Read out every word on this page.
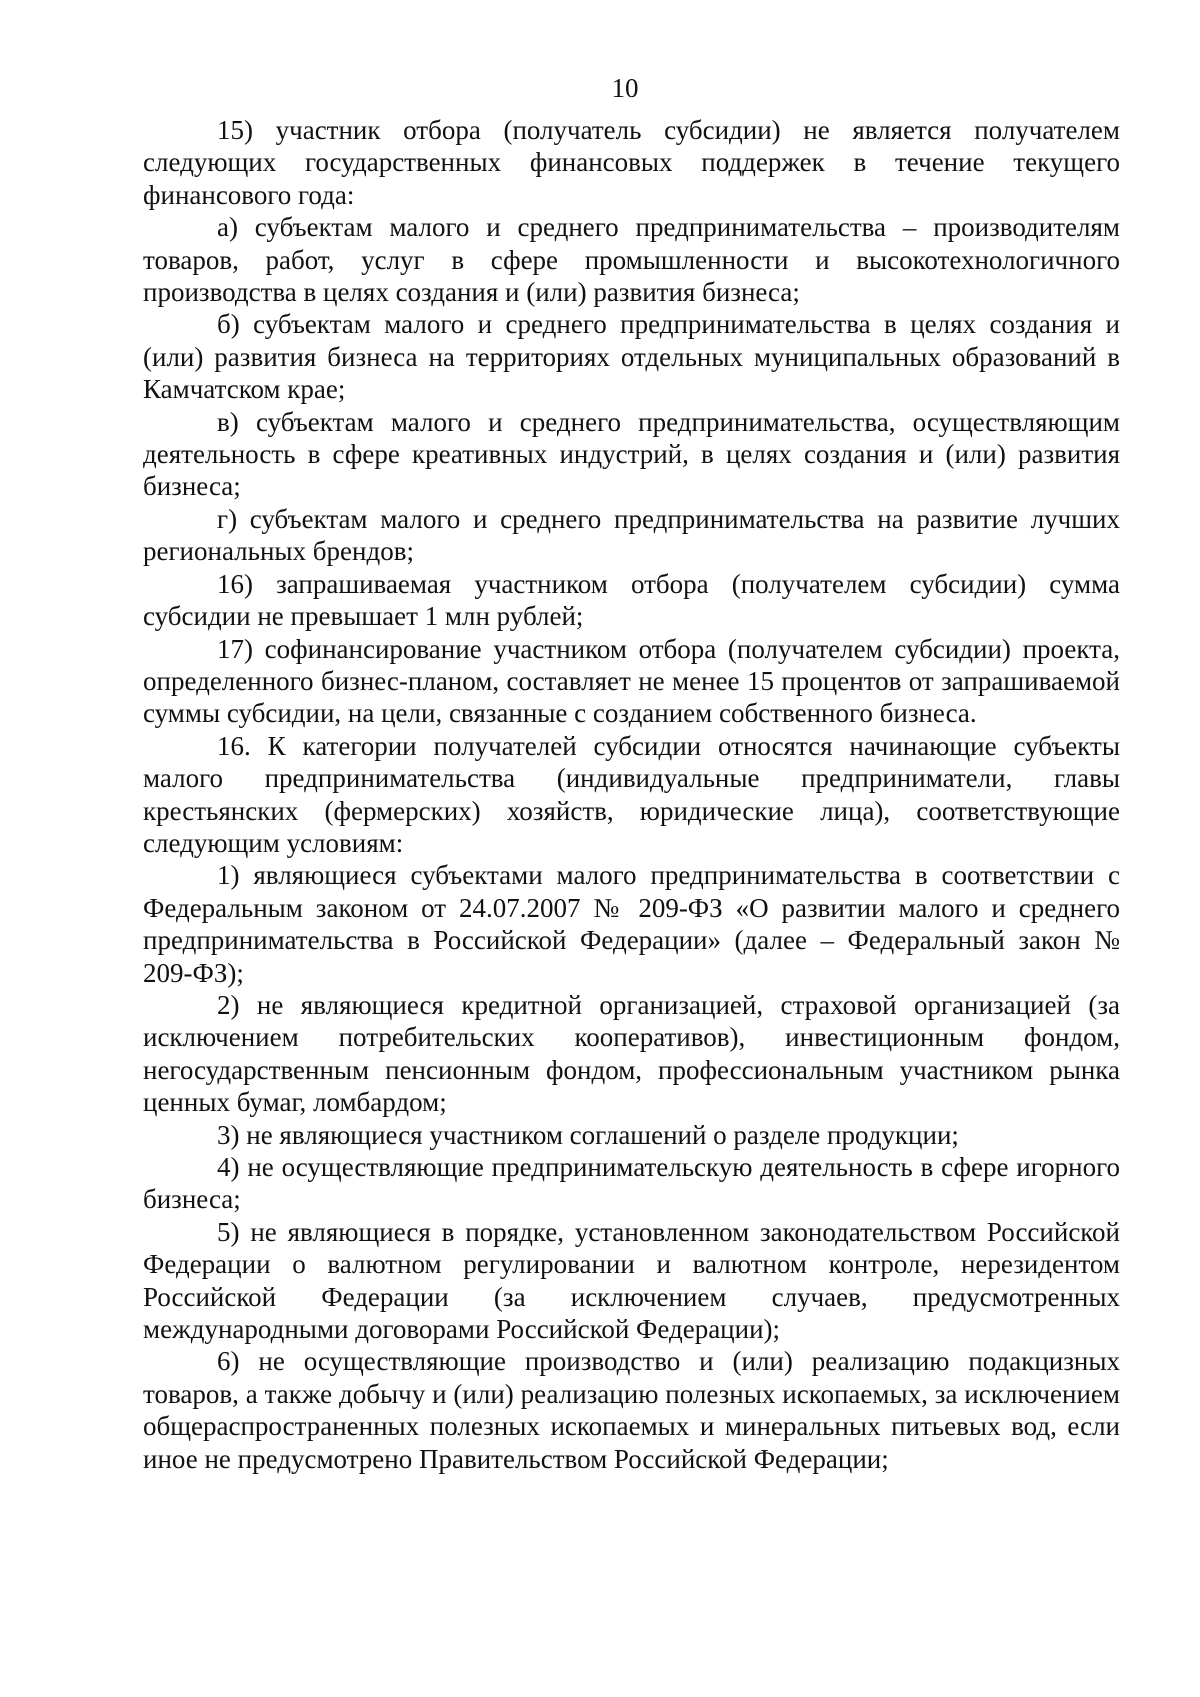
10

15) участник отбора (получатель субсидии) не является получателем следующих государственных финансовых поддержек в течение текущего финансового года:

а) субъектам малого и среднего предпринимательства – производителям товаров, работ, услуг в сфере промышленности и высокотехнологичного производства в целях создания и (или) развития бизнеса;

б) субъектам малого и среднего предпринимательства в целях создания и (или) развития бизнеса на территориях отдельных муниципальных образований в Камчатском крае;

в) субъектам малого и среднего предпринимательства, осуществляющим деятельность в сфере креативных индустрий, в целях создания и (или) развития бизнеса;

г) субъектам малого и среднего предпринимательства на развитие лучших региональных брендов;

16) запрашиваемая участником отбора (получателем субсидии) сумма субсидии не превышает 1 млн рублей;

17) софинансирование участником отбора (получателем субсидии) проекта, определенного бизнес-планом, составляет не менее 15 процентов от запрашиваемой суммы субсидии, на цели, связанные с созданием собственного бизнеса.

16. К категории получателей субсидии относятся начинающие субъекты малого предпринимательства (индивидуальные предприниматели, главы крестьянских (фермерских) хозяйств, юридические лица), соответствующие следующим условиям:

1) являющиеся субъектами малого предпринимательства в соответствии с Федеральным законом от 24.07.2007 № 209-ФЗ «О развитии малого и среднего предпринимательства в Российской Федерации» (далее – Федеральный закон № 209-ФЗ);

2) не являющиеся кредитной организацией, страховой организацией (за исключением потребительских кооперативов), инвестиционным фондом, негосударственным пенсионным фондом, профессиональным участником рынка ценных бумаг, ломбардом;

3) не являющиеся участником соглашений о разделе продукции;

4) не осуществляющие предпринимательскую деятельность в сфере игорного бизнеса;

5) не являющиеся в порядке, установленном законодательством Российской Федерации о валютном регулировании и валютном контроле, нерезидентом Российской Федерации (за исключением случаев, предусмотренных международными договорами Российской Федерации);

6) не осуществляющие производство и (или) реализацию подакцизных товаров, а также добычу и (или) реализацию полезных ископаемых, за исключением общераспространенных полезных ископаемых и минеральных питьевых вод, если иное не предусмотрено Правительством Российской Федерации;
